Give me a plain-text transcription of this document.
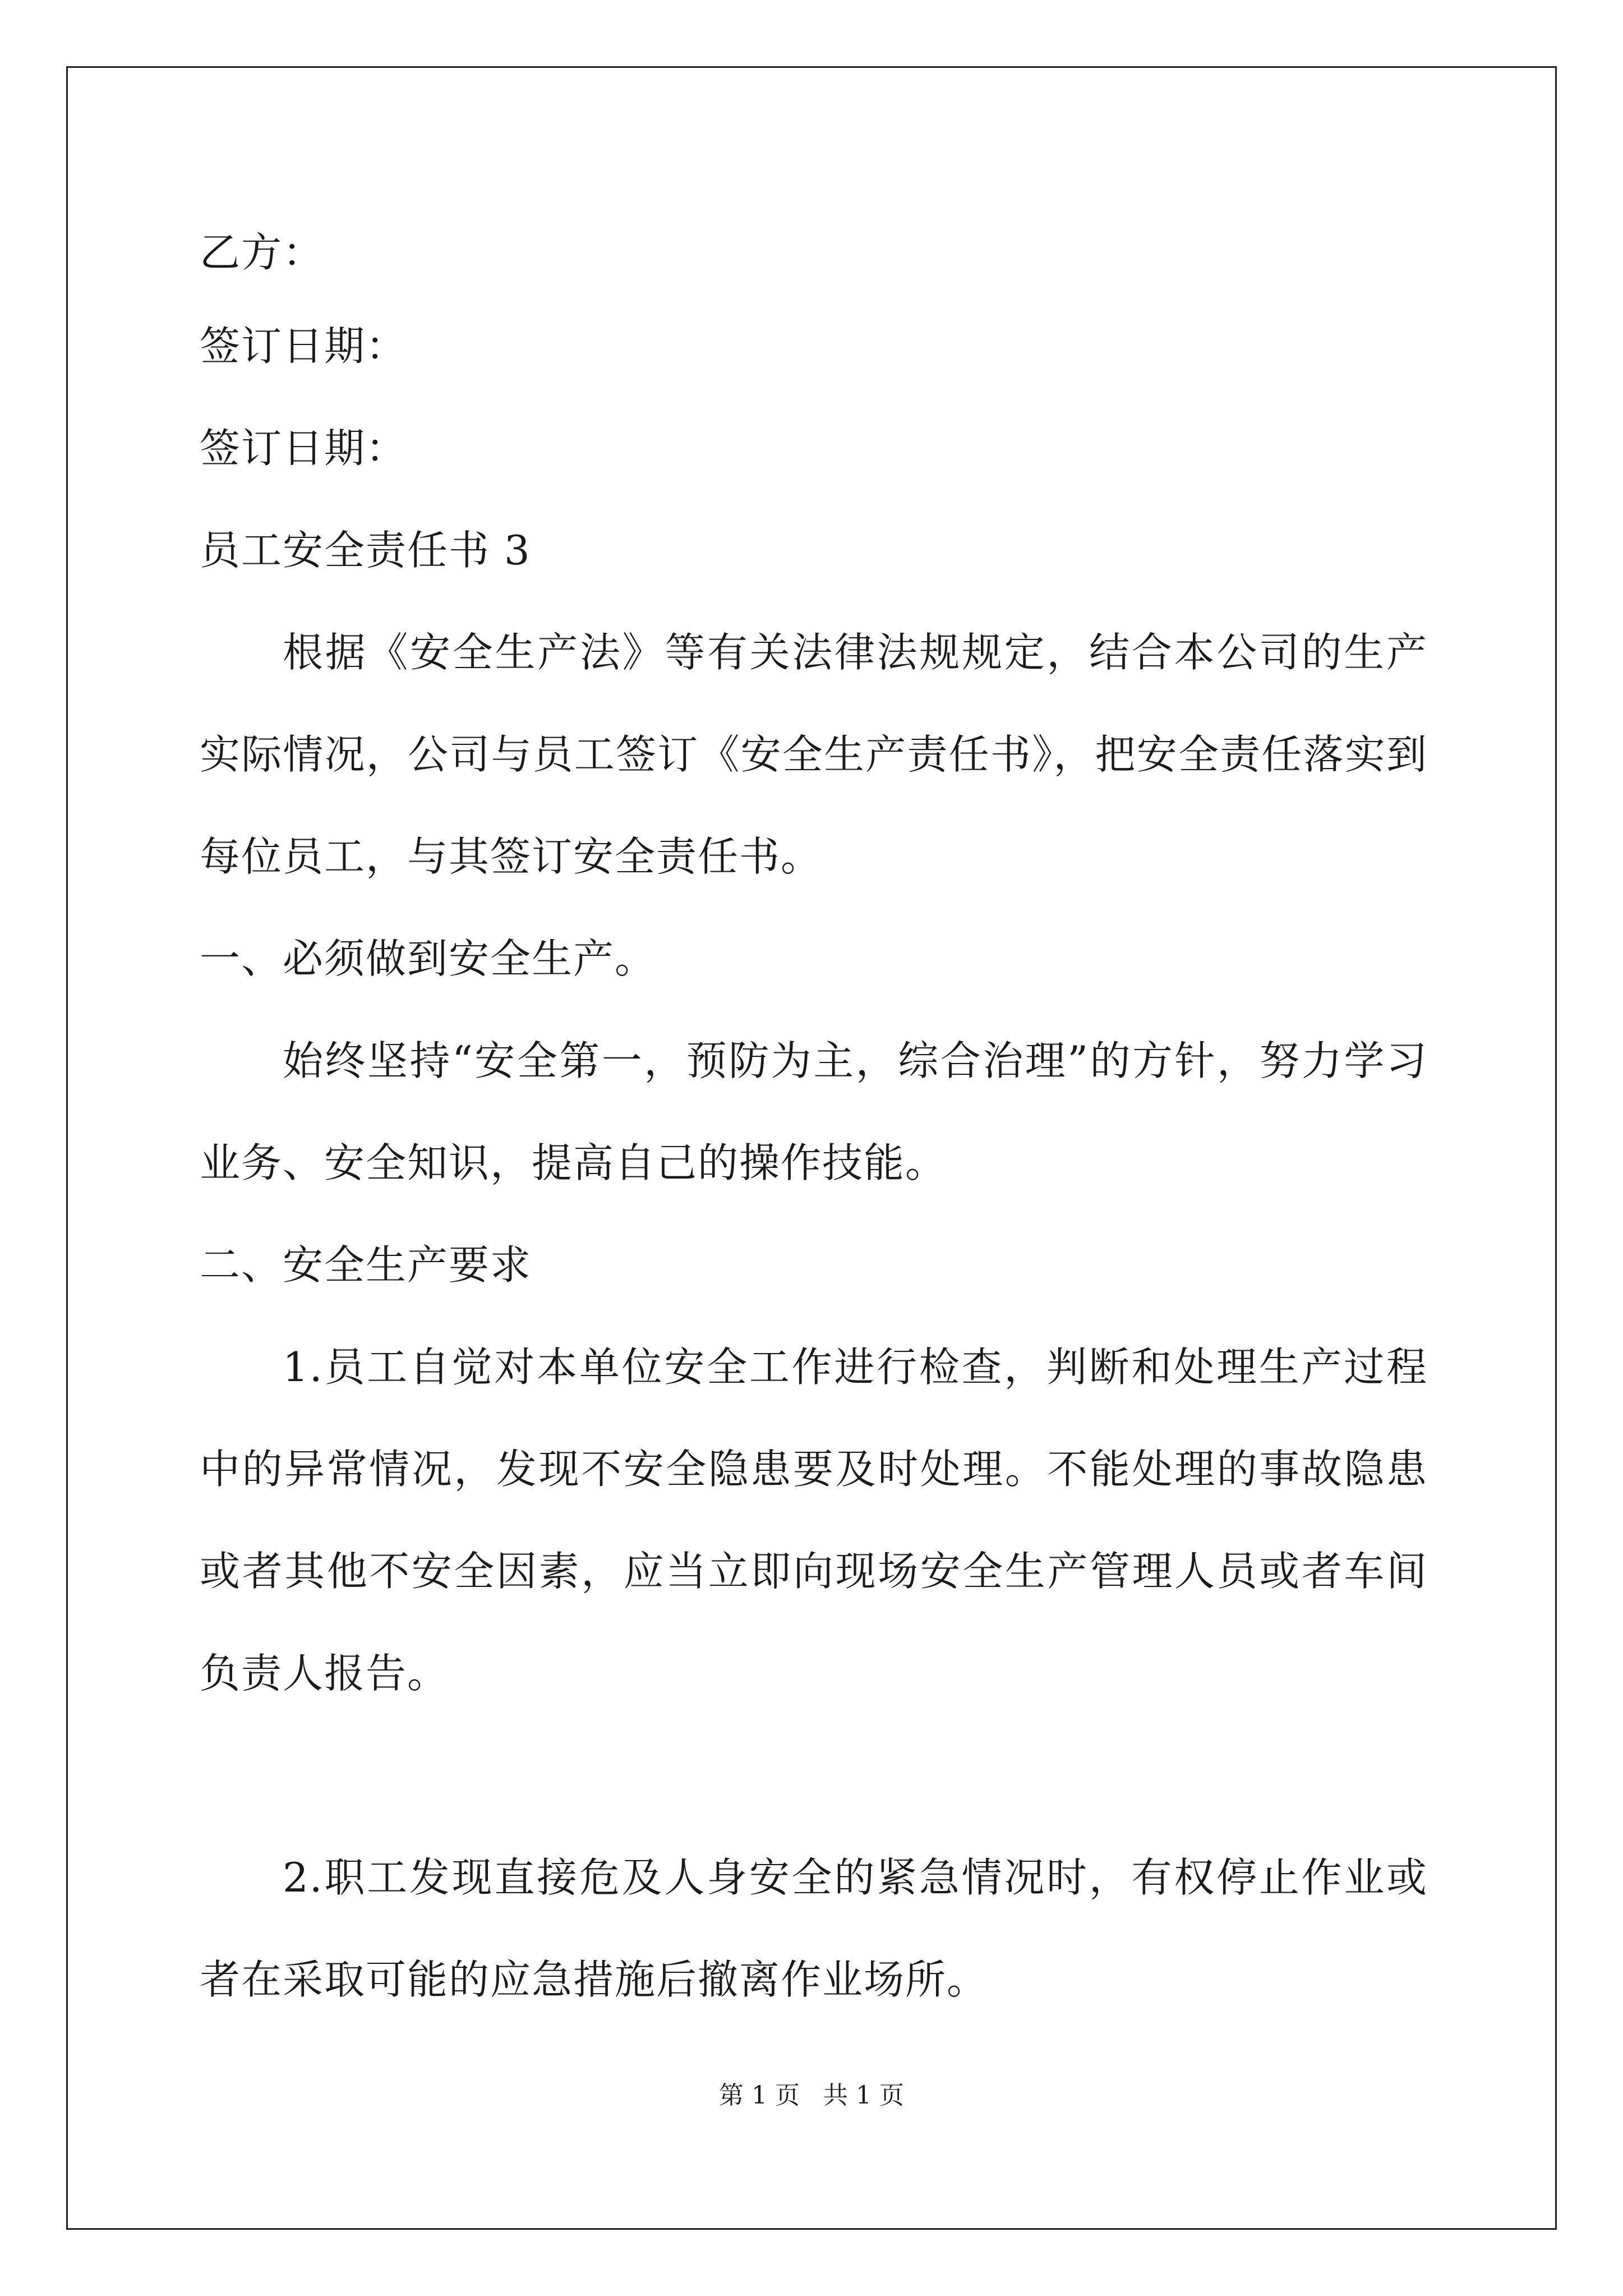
乙方：
签订日期：
签订日期：
员工安全责任书 3
根据《安全生产法》等有关法律法规规定，结合本公司的生产实际情况，公司与员工签订《安全生产责任书》，把安全责任落实到每位员工，与其签订安全责任书。
一、必须做到安全生产。
始终坚持“安全第一，预防为主，综合治理”的方针，努力学习业务、安全知识，提高自己的操作技能。
二、安全生产要求
1.员工自觉对本单位安全工作进行检查，判断和处理生产过程中的异常情况，发现不安全隐患要及时处理。不能处理的事故隐患或者其他不安全因素，应当立即向现场安全生产管理人员或者车间负责人报告。
2.职工发现直接危及人身安全的紧急情况时，有权停止作业或者在采取可能的应急措施后撤离作业场所。
第 1 页 共 1 页
